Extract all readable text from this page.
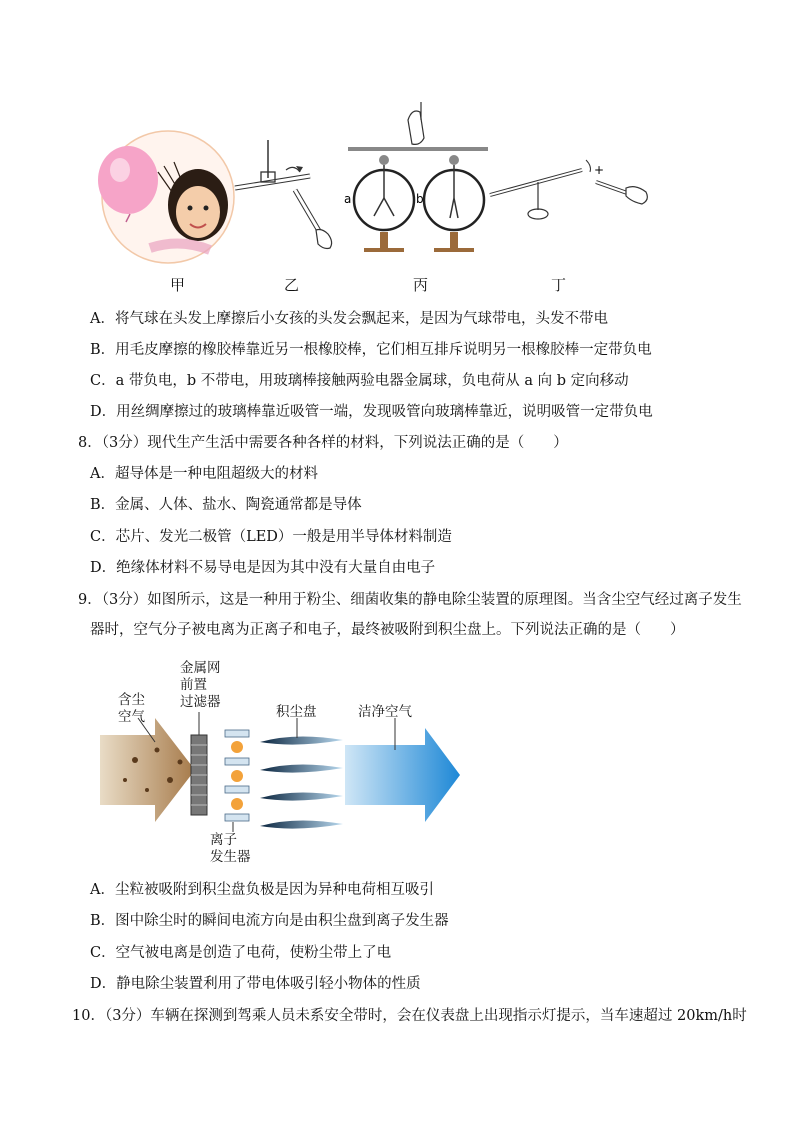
a	b
+
甲	乙	丙	丁
A．将气球在头发上摩擦后小女孩的头发会飘起来，是因为气球带电，头发不带电
B．用毛皮摩擦的橡胶棒靠近另一根橡胶棒，它们相互排斥说明另一根橡胶棒一定带负电
C．a 带负电，b 不带电，用玻璃棒接触两验电器金属球，负电荷从 a 向 b 定向移动
D．用丝绸摩擦过的玻璃棒靠近吸管一端，发现吸管向玻璃棒靠近，说明吸管一定带负电
8．（3分）现代生产生活中需要各种各样的材料，下列说法正确的是（　　）
A．超导体是一种电阻超级大的材料
B．金属、人体、盐水、陶瓷通常都是导体
C．芯片、发光二极管（LED）一般是用半导体材料制造
D．绝缘体材料不易导电是因为其中没有大量自由电子
9．（3分）如图所示，这是一种用于粉尘、细菌收集的静电除尘装置的原理图。当含尘空气经过离子发生
器时，空气分子被电离为正离子和电子，最终被吸附到积尘盘上。下列说法正确的是（　　）
含尘
空气
金属网
前置
过滤器
积尘盘	洁净空气
离子
发生器
A．尘粒被吸附到积尘盘负极是因为异种电荷相互吸引
B．图中除尘时的瞬间电流方向是由积尘盘到离子发生器
C．空气被电离是创造了电荷，使粉尘带上了电
D．静电除尘装置利用了带电体吸引轻小物体的性质
10．（3分）车辆在探测到驾乘人员未系安全带时，会在仪表盘上出现指示灯提示，当车速超过 20km/h时
